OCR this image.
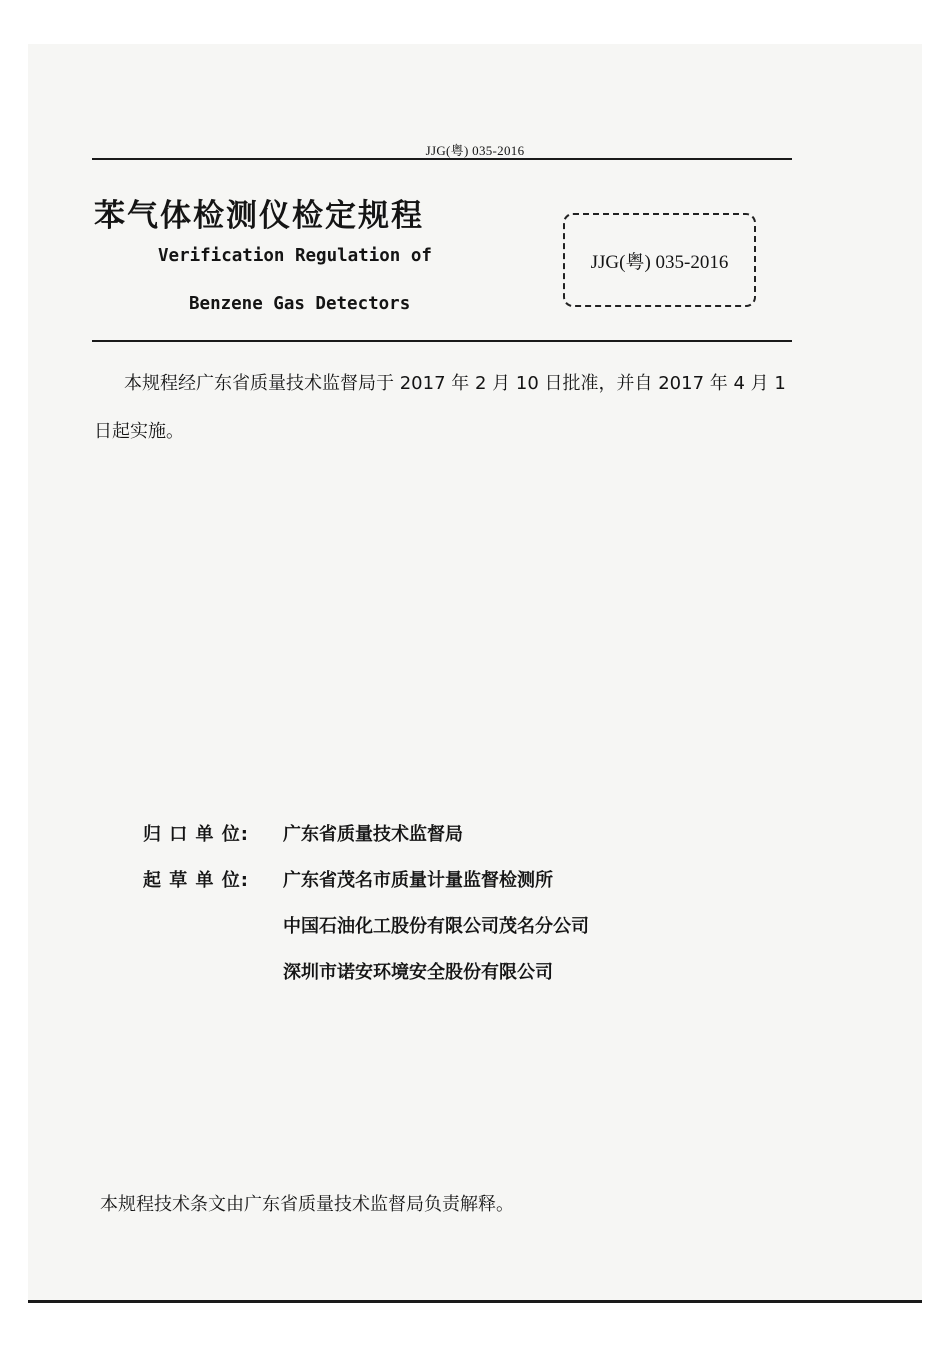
JJG(粤) 035-2016
苯气体检测仪检定规程
Verification Regulation of
Benzene Gas Detectors
JJG(粤) 035-2016
本规程经广东省质量技术监督局于 2017 年 2 月 10 日批准，并自 2017 年 4 月 1 日起实施。
归 口 单 位:	广东省质量技术监督局
起 草 单 位:	广东省茂名市质量计量监督检测所
中国石油化工股份有限公司茂名分公司
深圳市诺安环境安全股份有限公司
本规程技术条文由广东省质量技术监督局负责解释。
